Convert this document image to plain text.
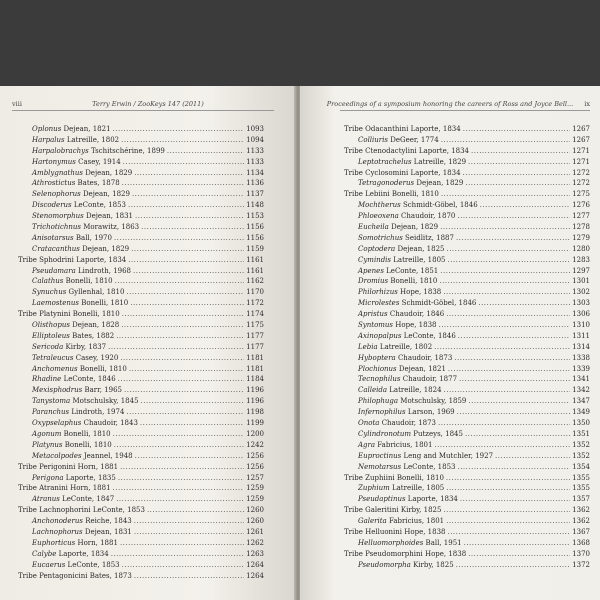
viii	Terry Erwin / ZooKeys 147 (2011)
Oplonus Dejean, 1821 .....	1093
Harpalus Latreille, 1802 .....	1094
Harpalobrachys Tschitschérine, 1899 .....	1133
Hartonymus Casey, 1914 .....	1133
Amblygnathus Dejean, 1829 .....	1134
Athrostictus Bates, 1878 .....	1136
Selenophorus Dejean, 1829 .....	1137
Discoderus LeConte, 1853 .....	1148
Stenomorphus Dejean, 1831 .....	1153
Trichotichnus Morawitz, 1863 .....	1156
Anisotarsus Ball, 1970 .....	1156
Cratacanthus Dejean, 1829 .....	1159
Tribe Sphodrini Laporte, 1834 .....	1161
Pseudamara Lindroth, 1968 .....	1161
Calathus Bonelli, 1810 .....	1162
Synuchus Gyllenhal, 1810 .....	1170
Laemostenus Bonelli, 1810 .....	1172
Tribe Platynini Bonelli, 1810 .....	1174
Olisthopus Dejean, 1828 .....	1175
Elliptoleus Bates, 1882 .....	1177
Sericoda Kirby, 1837 .....	1177
Tetraleucus Casey, 1920 .....	1181
Anchomenus Bonelli, 1810 .....	1181
Rhadine LeConte, 1846 .....	1184
Mexisphodrus Barr, 1965 .....	1196
Tanystoma Motschulsky, 1845 .....	1196
Paranchus Lindroth, 1974 .....	1198
Oxypselaphus Chaudoir, 1843 .....	1199
Agonum Bonelli, 1810 .....	1200
Platynus Bonelli, 1810 .....	1242
Metacolpodes Jeannel, 1948 .....	1256
Tribe Perigonini Horn, 1881 .....	1256
Perigona Laporte, 1835 .....	1257
Tribe Atranini Horn, 1881 .....	1259
Atranus LeConte, 1847 .....	1259
Tribe Lachnophorini LeConte, 1853 .....	1260
Anchonoderus Reiche, 1843 .....	1260
Lachnophorus Dejean, 1831 .....	1261
Euphorticus Horn, 1881 .....	1262
Calybe Laporte, 1834 .....	1263
Eucaerus LeConte, 1853 .....	1264
Tribe Pentagonicini Bates, 1873 .....	1264
Proceedings of a symposium honoring the careers of Ross and Joyce Bell...	ix
Tribe Odacanthini Laporte, 1834 .....	1267
Colliuris DeGeer, 1774 .....	1267
Tribe Ctenodactylini Laporte, 1834 .....	1271
Leptotrachelus Latreille, 1829 .....	1271
Tribe Cyclosomini Laporte, 1834 .....	1272
Tetragonoderus Dejean, 1829 .....	1272
Tribe Lebiini Bonelli, 1810 .....	1275
Mochtherus Schmidt-Göbel, 1846 .....	1276
Phloeoxena Chaudoir, 1870 .....	1277
Eucheila Dejean, 1829 .....	1278
Somotrichus Seidlitz, 1887 .....	1279
Coptodera Dejean, 1825 .....	1280
Cymindis Latreille, 1805 .....	1283
Apenes LeConte, 1851 .....	1297
Dromius Bonelli, 1810 .....	1301
Philorhizus Hope, 1838 .....	1302
Microlestes Schmidt-Göbel, 1846 .....	1303
Apristus Chaudoir, 1846 .....	1306
Syntomus Hope, 1838 .....	1310
Axinopalpus LeConte, 1846 .....	1311
Lebia Latreille, 1802 .....	1314
Hyboptera Chaudoir, 1873 .....	1338
Plochionus Dejean, 1821 .....	1339
Tecnophilus Chaudoir, 1877 .....	1341
Calleida Latreille, 1824 .....	1342
Philophuga Motschulsky, 1859 .....	1347
Infernophilus Larson, 1969 .....	1349
Onota Chaudoir, 1873 .....	1350
Cylindronotum Putzeys, 1845 .....	1351
Agra Fabricius, 1801 .....	1352
Euproctinus Leng and Mutchler, 1927 .....	1352
Nemotarsus LeConte, 1853 .....	1354
Tribe Zuphiini Bonelli, 1810 .....	1355
Zuphium Latreille, 1805 .....	1355
Pseudaptinus Laporte, 1834 .....	1357
Tribe Galeritini Kirby, 1825 .....	1362
Galerita Fabricius, 1801 .....	1362
Tribe Helluonini Hope, 1838 .....	1367
Helluomorphoides Ball, 1951 .....	1368
Tribe Pseudomorphini Hope, 1838 .....	1370
Pseudomorpha Kirby, 1825 .....	1372
